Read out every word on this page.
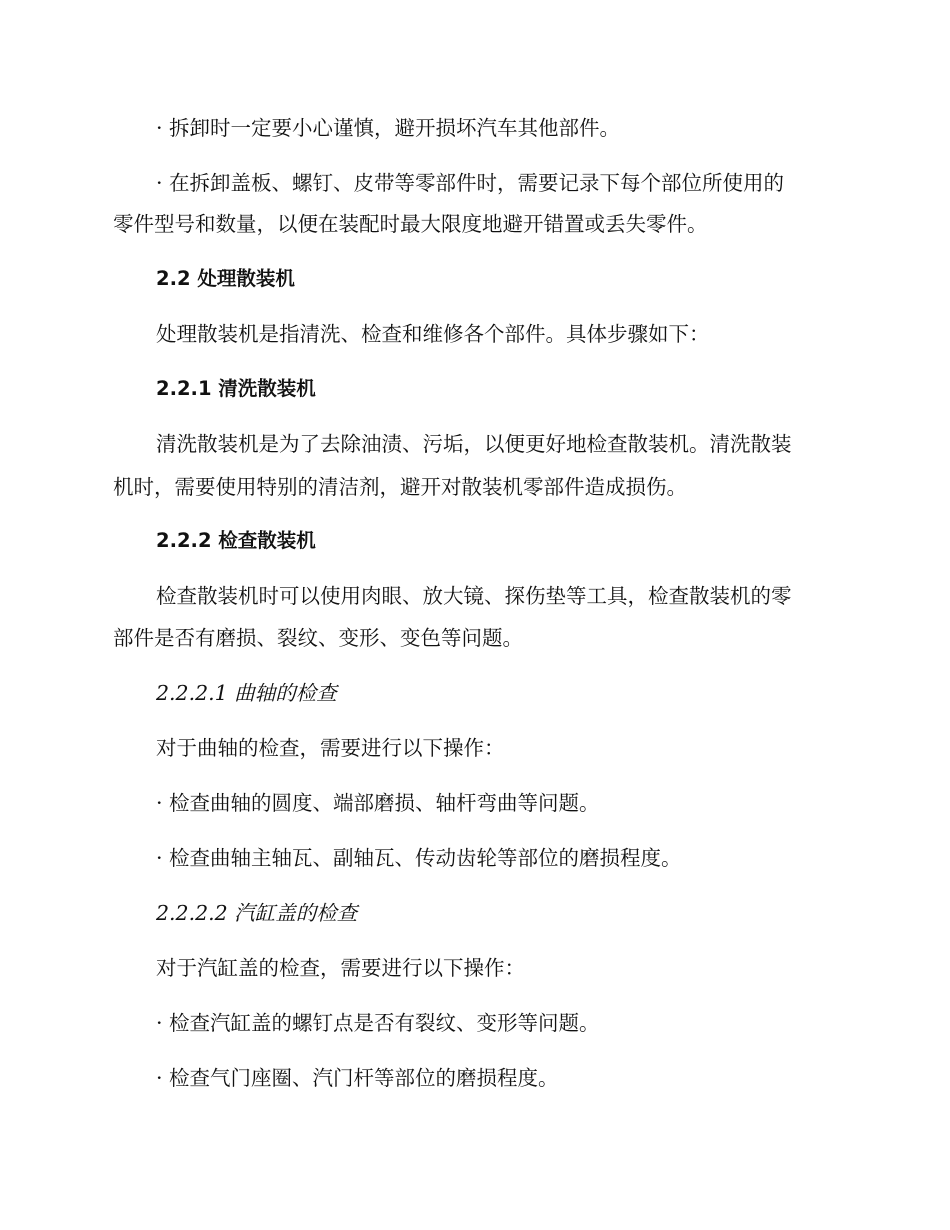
· 拆卸时一定要小心谨慎，避开损坏汽车其他部件。
· 在拆卸盖板、螺钉、皮带等零部件时，需要记录下每个部位所使用的
零件型号和数量，以便在装配时最大限度地避开错置或丢失零件。
2.2 处理散装机
处理散装机是指清洗、检查和维修各个部件。具体步骤如下：
2.2.1 清洗散装机
清洗散装机是为了去除油渍、污垢，以便更好地检查散装机。清洗散装
机时，需要使用特别的清洁剂，避开对散装机零部件造成损伤。
2.2.2 检查散装机
检查散装机时可以使用肉眼、放大镜、探伤垫等工具，检查散装机的零
部件是否有磨损、裂纹、变形、变色等问题。
2.2.2.1 曲轴的检查
对于曲轴的检查，需要进行以下操作：
· 检查曲轴的圆度、端部磨损、轴杆弯曲等问题。
· 检查曲轴主轴瓦、副轴瓦、传动齿轮等部位的磨损程度。
2.2.2.2 汽缸盖的检查
对于汽缸盖的检查，需要进行以下操作：
· 检查汽缸盖的螺钉点是否有裂纹、变形等问题。
· 检查气门座圈、汽门杆等部位的磨损程度。
